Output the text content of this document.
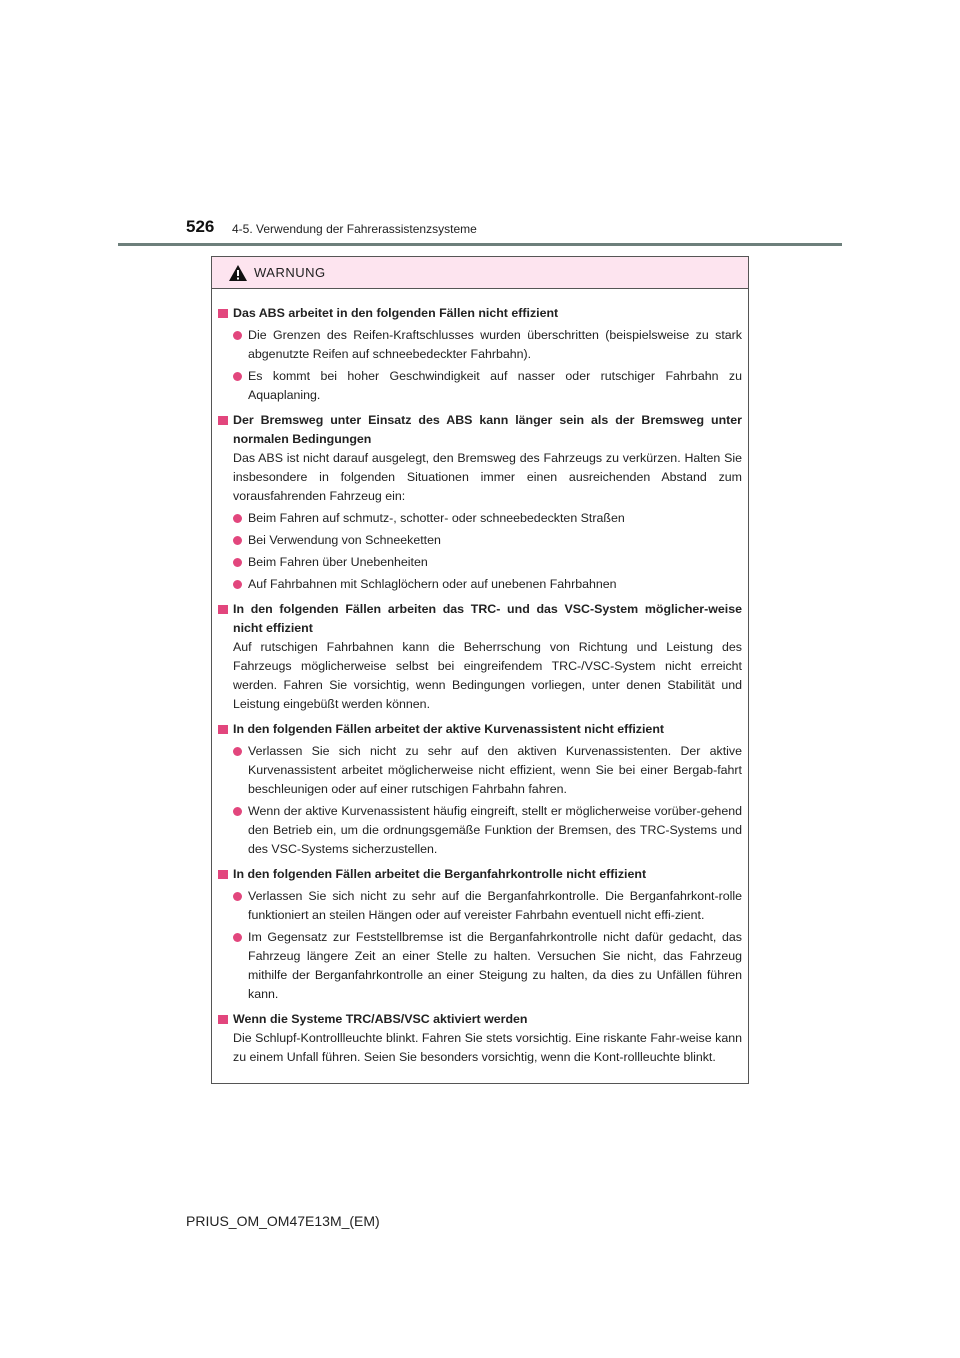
526 4-5. Verwendung der Fahrerassistenzsysteme
WARNUNG
Das ABS arbeitet in den folgenden Fällen nicht effizient
Die Grenzen des Reifen-Kraftschlusses wurden überschritten (beispielsweise zu stark abgenutzte Reifen auf schneebedeckter Fahrbahn).
Es kommt bei hoher Geschwindigkeit auf nasser oder rutschiger Fahrbahn zu Aquaplaning.
Der Bremsweg unter Einsatz des ABS kann länger sein als der Bremsweg unter normalen Bedingungen

Das ABS ist nicht darauf ausgelegt, den Bremsweg des Fahrzeugs zu verkürzen. Halten Sie insbesondere in folgenden Situationen immer einen ausreichenden Abstand zum vorausfahrenden Fahrzeug ein:

Beim Fahren auf schmutz-, schotter- oder schneebedeckten Straßen
Bei Verwendung von Schneeketten
Beim Fahren über Unebenheiten
Auf Fahrbahnen mit Schlaglöchern oder auf unebenen Fahrbahnen
In den folgenden Fällen arbeiten das TRC- und das VSC-System möglicher-weise nicht effizient

Auf rutschigen Fahrbahnen kann die Beherrschung von Richtung und Leistung des Fahrzeugs möglicherweise selbst bei eingreifendem TRC-/VSC-System nicht erreicht werden. Fahren Sie vorsichtig, wenn Bedingungen vorliegen, unter denen Stabilität und Leistung eingebüßt werden können.

In den folgenden Fällen arbeitet der aktive Kurvenassistent nicht effizient
Verlassen Sie sich nicht zu sehr auf den aktiven Kurvenassistenten. Der aktive Kurvenassistent arbeitet möglicherweise nicht effizient, wenn Sie bei einer Bergab-fahrt beschleunigen oder auf einer rutschigen Fahrbahn fahren.
Wenn der aktive Kurvenassistent häufig eingreift, stellt er möglicherweise vorüber-gehend den Betrieb ein, um die ordnungsgemäße Funktion der Bremsen, des TRC-Systems und des VSC-Systems sicherzustellen.
In den folgenden Fällen arbeitet die Berganfahrkontrolle nicht effizient
Verlassen Sie sich nicht zu sehr auf die Berganfahrkontrolle. Die Berganfahrkont-rolle funktioniert an steilen Hängen oder auf vereister Fahrbahn eventuell nicht effi-zient.
Im Gegensatz zur Feststellbremse ist die Berganfahrkontrolle nicht dafür gedacht, das Fahrzeug längere Zeit an einer Stelle zu halten. Versuchen Sie nicht, das Fahrzeug mithilfe der Berganfahrkontrolle an einer Steigung zu halten, da dies zu Unfällen führen kann.
Wenn die Systeme TRC/ABS/VSC aktiviert werden

Die Schlupf-Kontrollleuchte blinkt. Fahren Sie stets vorsichtig. Eine riskante Fahr-weise kann zu einem Unfall führen. Seien Sie besonders vorsichtig, wenn die Kont-rollleuchte blinkt.

PRIUS_OM_OM47E13M_(EM)
